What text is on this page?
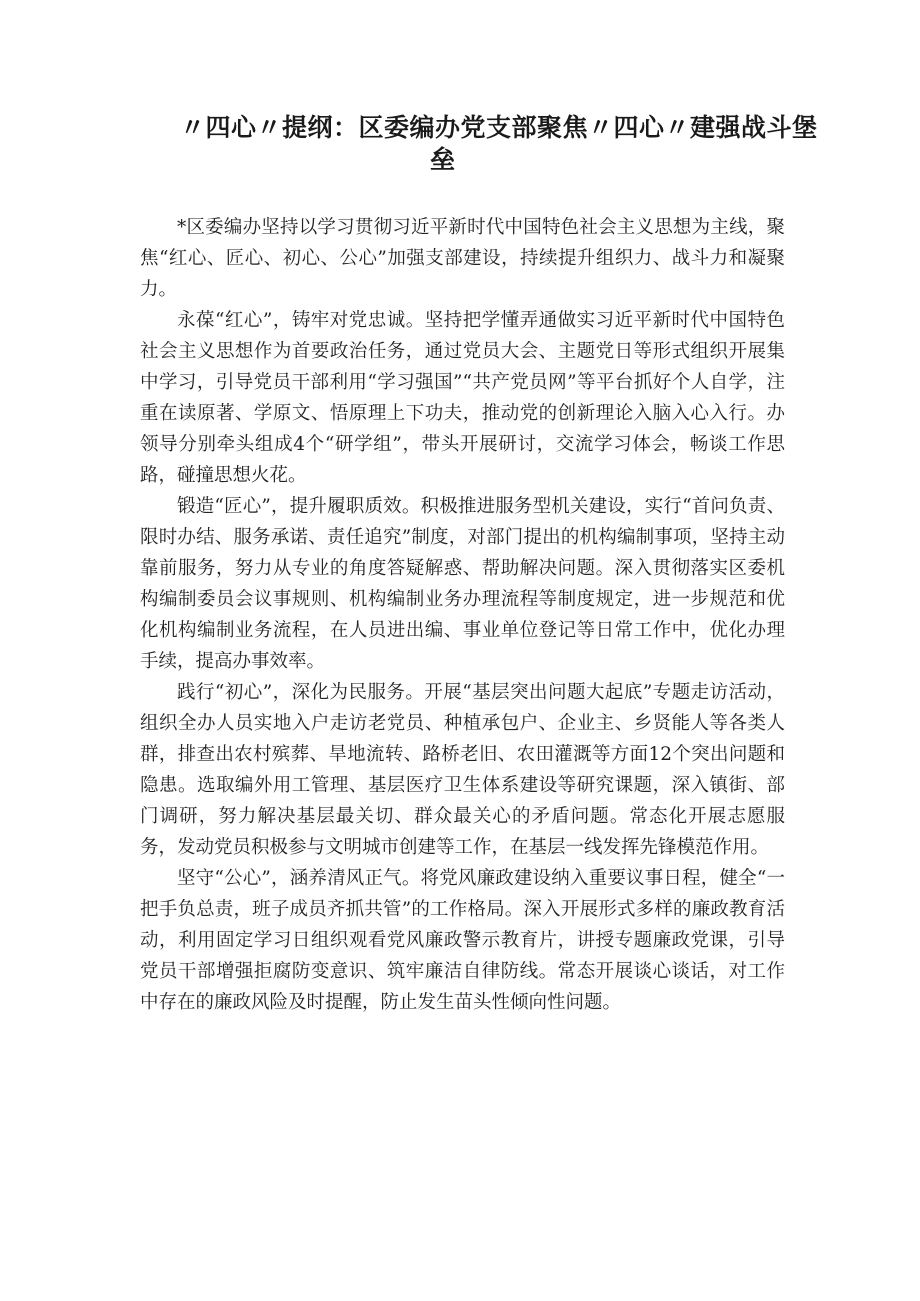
〃四心〃提纲：区委编办党支部聚焦〃四心〃建强战斗堡
垒

*区委编办坚持以学习贯彻习近平新时代中国特色社会主义思想为主线，聚焦“红心、匠心、初心、公心”加强支部建设，持续提升组织力、战斗力和凝聚力。

永葆“红心”，铸牢对党忠诚。坚持把学懂弄通做实习近平新时代中国特色社会主义思想作为首要政治任务，通过党员大会、主题党日等形式组织开展集中学习，引导党员干部利用“学习强国”“共产党员网”等平台抓好个人自学，注重在读原著、学原文、悟原理上下功夫，推动党的创新理论入脑入心入行。办领导分别牵头组成4个“研学组”，带头开展研讨，交流学习体会，畅谈工作思路，碰撞思想火花。

锻造“匠心”，提升履职质效。积极推进服务型机关建设，实行“首问负责、限时办结、服务承诺、责任追究”制度，对部门提出的机构编制事项，坚持主动靠前服务，努力从专业的角度答疑解惑、帮助解决问题。深入贯彻落实区委机构编制委员会议事规则、机构编制业务办理流程等制度规定，进一步规范和优化机构编制业务流程，在人员进出编、事业单位登记等日常工作中，优化办理手续，提高办事效率。

践行“初心”，深化为民服务。开展“基层突出问题大起底”专题走访活动，组织全办人员实地入户走访老党员、种植承包户、企业主、乡贤能人等各类人群，排查出农村殡葬、旱地流转、路桥老旧、农田灌溉等方面12个突出问题和隐患。选取编外用工管理、基层医疗卫生体系建设等研究课题，深入镇街、部门调研，努力解决基层最关切、群众最关心的矛盾问题。常态化开展志愿服务，发动党员积极参与文明城市创建等工作，在基层一线发挥先锋模范作用。

坚守“公心”，涵养清风正气。将党风廉政建设纳入重要议事日程，健全“一把手负总责，班子成员齐抓共管”的工作格局。深入开展形式多样的廉政教育活动，利用固定学习日组织观看党风廉政警示教育片，讲授专题廉政党课，引导党员干部增强拒腐防变意识、筑牢廉洁自律防线。常态开展谈心谈话，对工作中存在的廉政风险及时提醒，防止发生苗头性倾向性问题。
